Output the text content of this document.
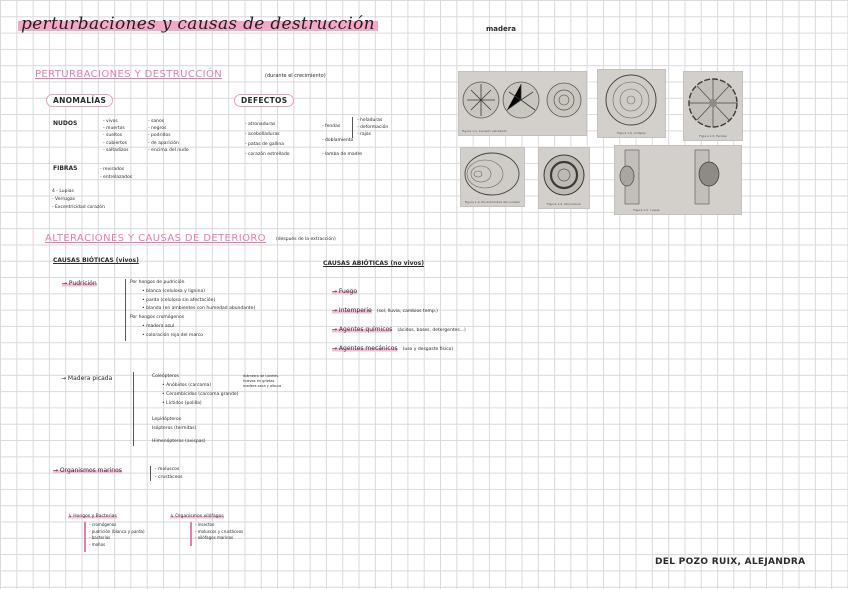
perturbaciones y causas de destrucción	madera
PERTURBACIONES Y DESTRUCCIÓN	(durante el crecimiento)
ANOMALÍAS	DEFECTOS
NUDOS	- vivos
- muertos
- sueltos
- cubiertos
- saltadizos
- sanos
- negros
- podridos
- de aparición
- encima del nudo
FIBRAS	- revirados
- entrelazados
4 - Lupias
- Verrugas
- Excentricidad corazón
- atronaduras
- acebolladuras
- patas de gallina
- corazón estrellado
- fendas
- doblamiento
- lamba de madre
- heladuras
- deformación
- rajas
Figura 1.1. Corazón estrellado	Figura 1.6. Colapso
Figura 1.3. Fendas
Figura 1.4. Excentricidad del corazón	Figura 1.2. Atronadura
Figura 1.5. Lupias
ALTERACIONES Y CAUSAS DE DETERIORO (después de la extracción)
CAUSAS BIÓTICAS (vivos)	CAUSAS ABIÓTICAS (no vivos)
→ Pudrición	Por hongos de pudrición
• blanca (celulosa y lignina)
• parda (celulosa sin afectación)
• blanda (en ambientes con humedad abundante)
Por hongos cromógenos
• madera azul
• coloración roja del marco
→ Madera picada	Coleópteros
• Anóbidos (carcoma)
• Cerambícidos (carcoma grande)
• Líctidos (polilla)
Lepidópteros
Isópteros (termitas)
Himenópteros (avispas)
diámetro de túneles
huevos en grietas
madera seca y albura
→ Organismos marinos	- moluscos
- crustáceos
↳ Hongos y Bacterias
- cromógenos
- pudrición (blanca y parda)
- bacterias
- mohos
↳ Organismos xilófagos
- insectos
- moluscos y crustáceos
- xilófagos marinos
→ Fuego
→ Intemperie (sol, lluvia, cambios temp.)
→ Agentes químicos (ácidos, bases, detergentes...)
→ Agentes mecánicos (uso y desgaste físico)
DEL POZO RUIX, ALEJANDRA
